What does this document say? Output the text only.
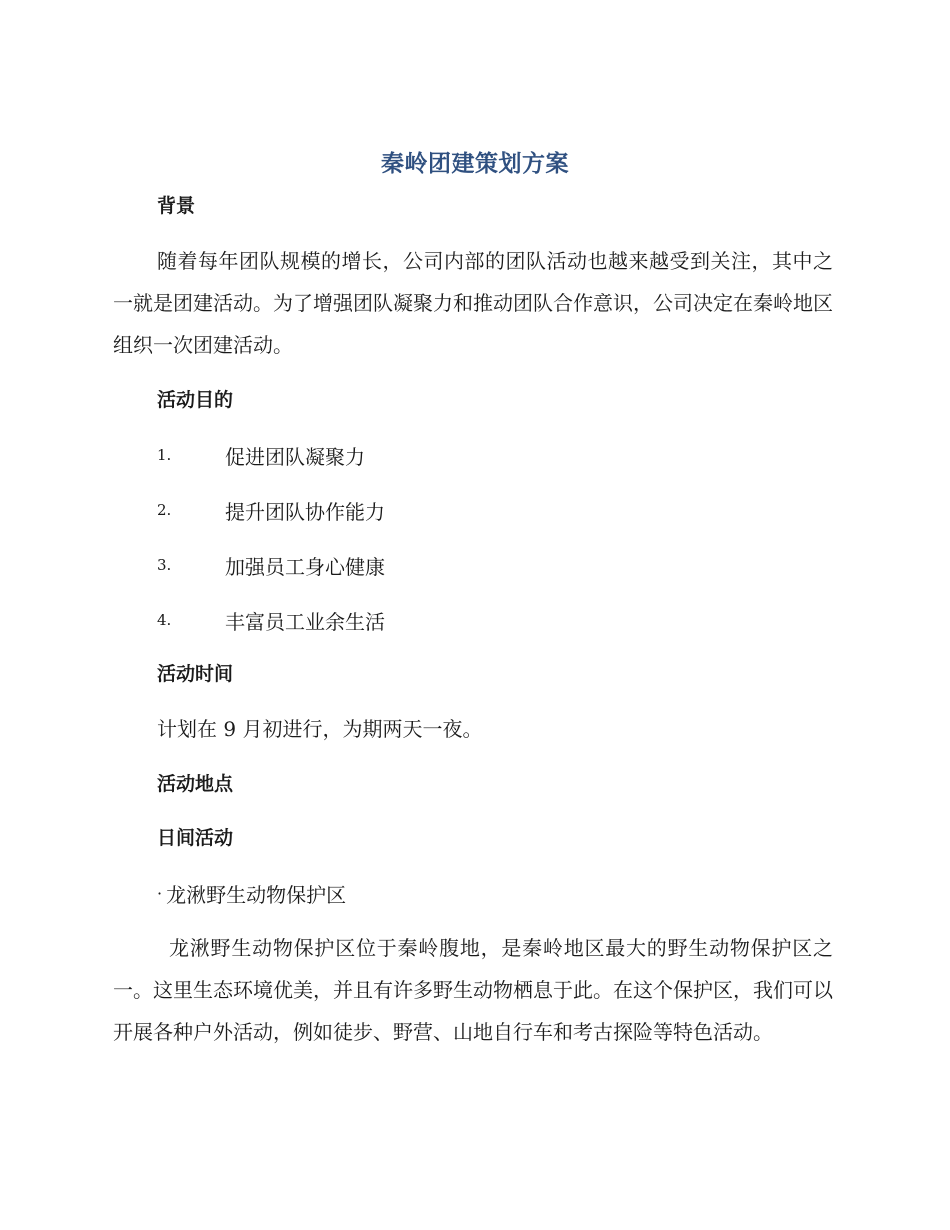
秦岭团建策划方案
背景
随着每年团队规模的增长，公司内部的团队活动也越来越受到关注，其中之一就是团建活动。为了增强团队凝聚力和推动团队合作意识，公司决定在秦岭地区组织一次团建活动。
活动目的
1.	促进团队凝聚力
2.	提升团队协作能力
3.	加强员工身心健康
4.	丰富员工业余生活
活动时间
计划在 9 月初进行，为期两天一夜。
活动地点
日间活动
· 龙湫野生动物保护区
龙湫野生动物保护区位于秦岭腹地，是秦岭地区最大的野生动物保护区之一。这里生态环境优美，并且有许多野生动物栖息于此。在这个保护区，我们可以开展各种户外活动，例如徒步、野营、山地自行车和考古探险等特色活动。
